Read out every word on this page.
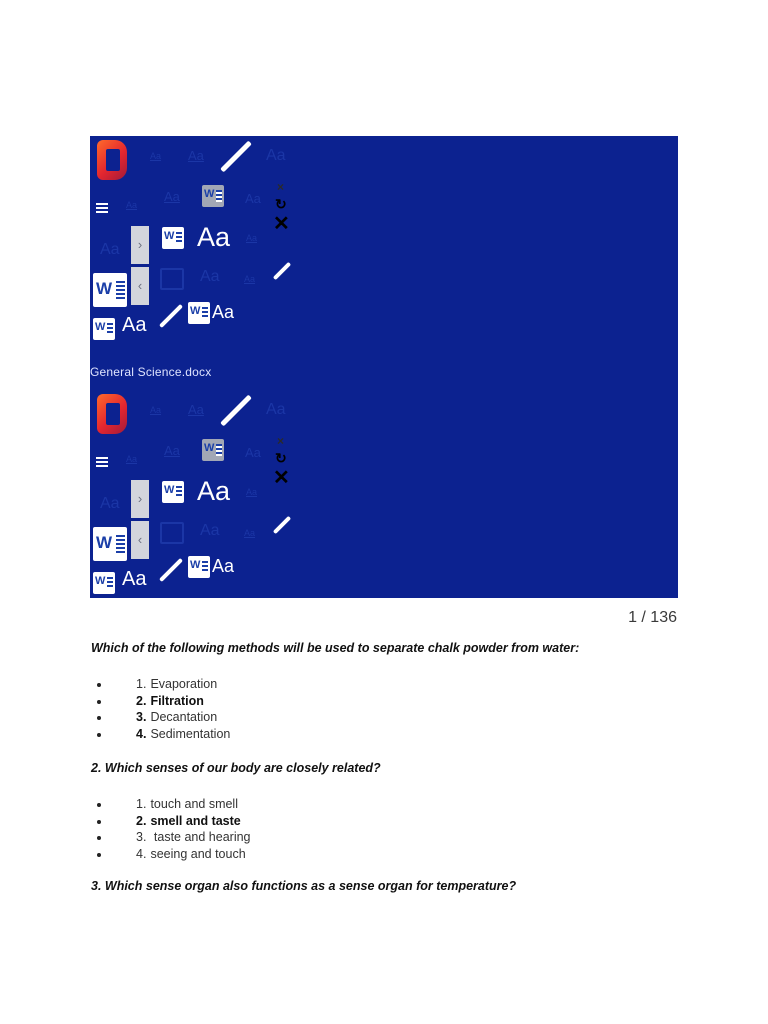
Aa Aa	Aa
Aa
Aa W	Aa
×
↻
✕
Aa	› W Aa Aa
W
‹
Aa	Aa
W
Aa
W
Aa
General Science.docx
Aa Aa	Aa
Aa
Aa W	Aa
×
↻
✕
Aa	› W Aa Aa
W
‹
Aa	Aa
W
Aa
W
Aa
1 / 136
Which of the following methods will be used to separate chalk powder from water:
1. Evaporation
2. Filtration
3. Decantation
4. Sedimentation
2. Which senses of our body are closely related?
1. touch and smell
2. smell and taste
3. taste and hearing
4. seeing and touch
3. Which sense organ also functions as a sense organ for temperature?
